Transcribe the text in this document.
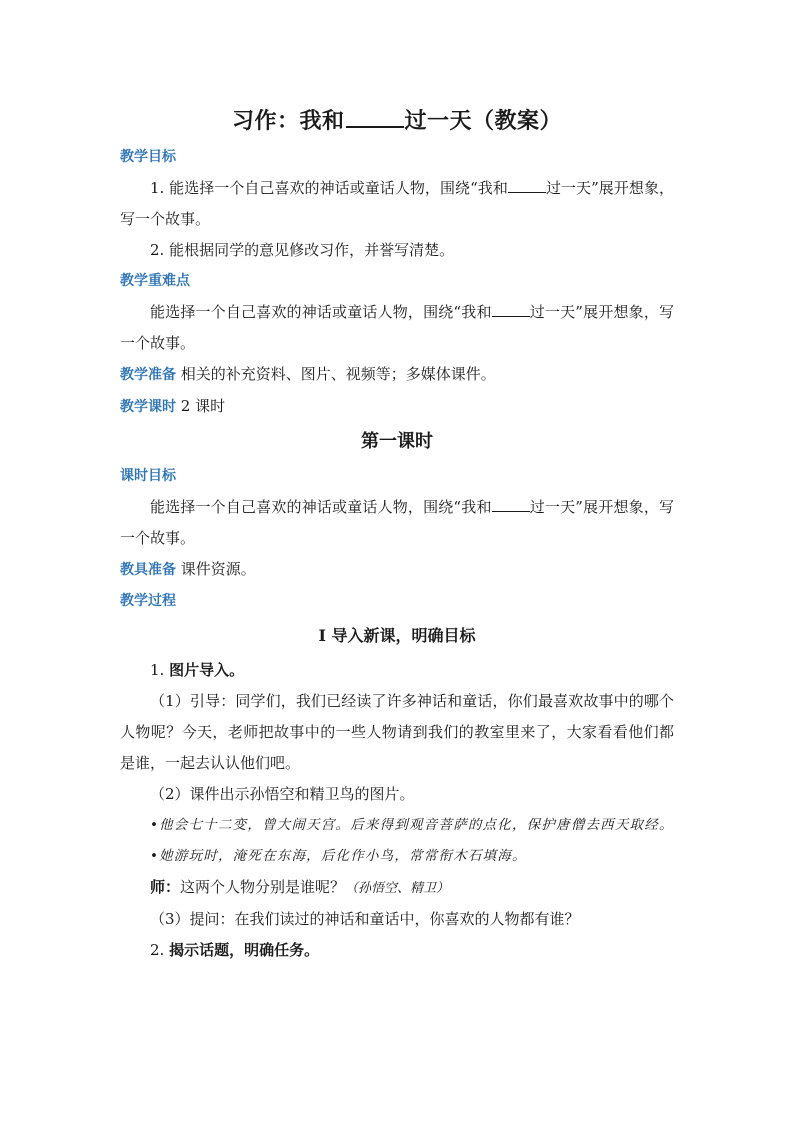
习作：我和	过一天（教案）
教学目标
1. 能选择一个自己喜欢的神话或童话人物，围绕“我和	过一天”展开想象，写一个故事。
2. 能根据同学的意见修改习作，并誉写清楚。
教学重难点
能选择一个自己喜欢的神话或童话人物，围绕“我和	过一天”展开想象，写一个故事。
教学准备 相关的补充资料、图片、视频等；多媒体课件。
教学课时 2 课时
第一课时
课时目标
能选择一个自己喜欢的神话或童话人物，围绕“我和	过一天”展开想象，写一个故事。
教具准备 课件资源。
教学过程
Ⅰ 导入新课，明确目标
1. 图片导入。
（1）引导：同学们，我们已经读了许多神话和童话，你们最喜欢故事中的哪个人物呢？今天，老师把故事中的一些人物请到我们的教室里来了，大家看看他们都是谁，一起去认认他们吧。
（2）课件出示孙悟空和精卫鸟的图片。
•他会七十二变，曾大闹天宫。后来得到观音菩萨的点化，保护唐僧去西天取经。
•她游玩时，淹死在东海，后化作小鸟，常常衔木石填海。
师：这两个人物分别是谁呢？（孙悟空、精卫）
（3）提问：在我们读过的神话和童话中，你喜欢的人物都有谁？
2. 揭示话题，明确任务。
